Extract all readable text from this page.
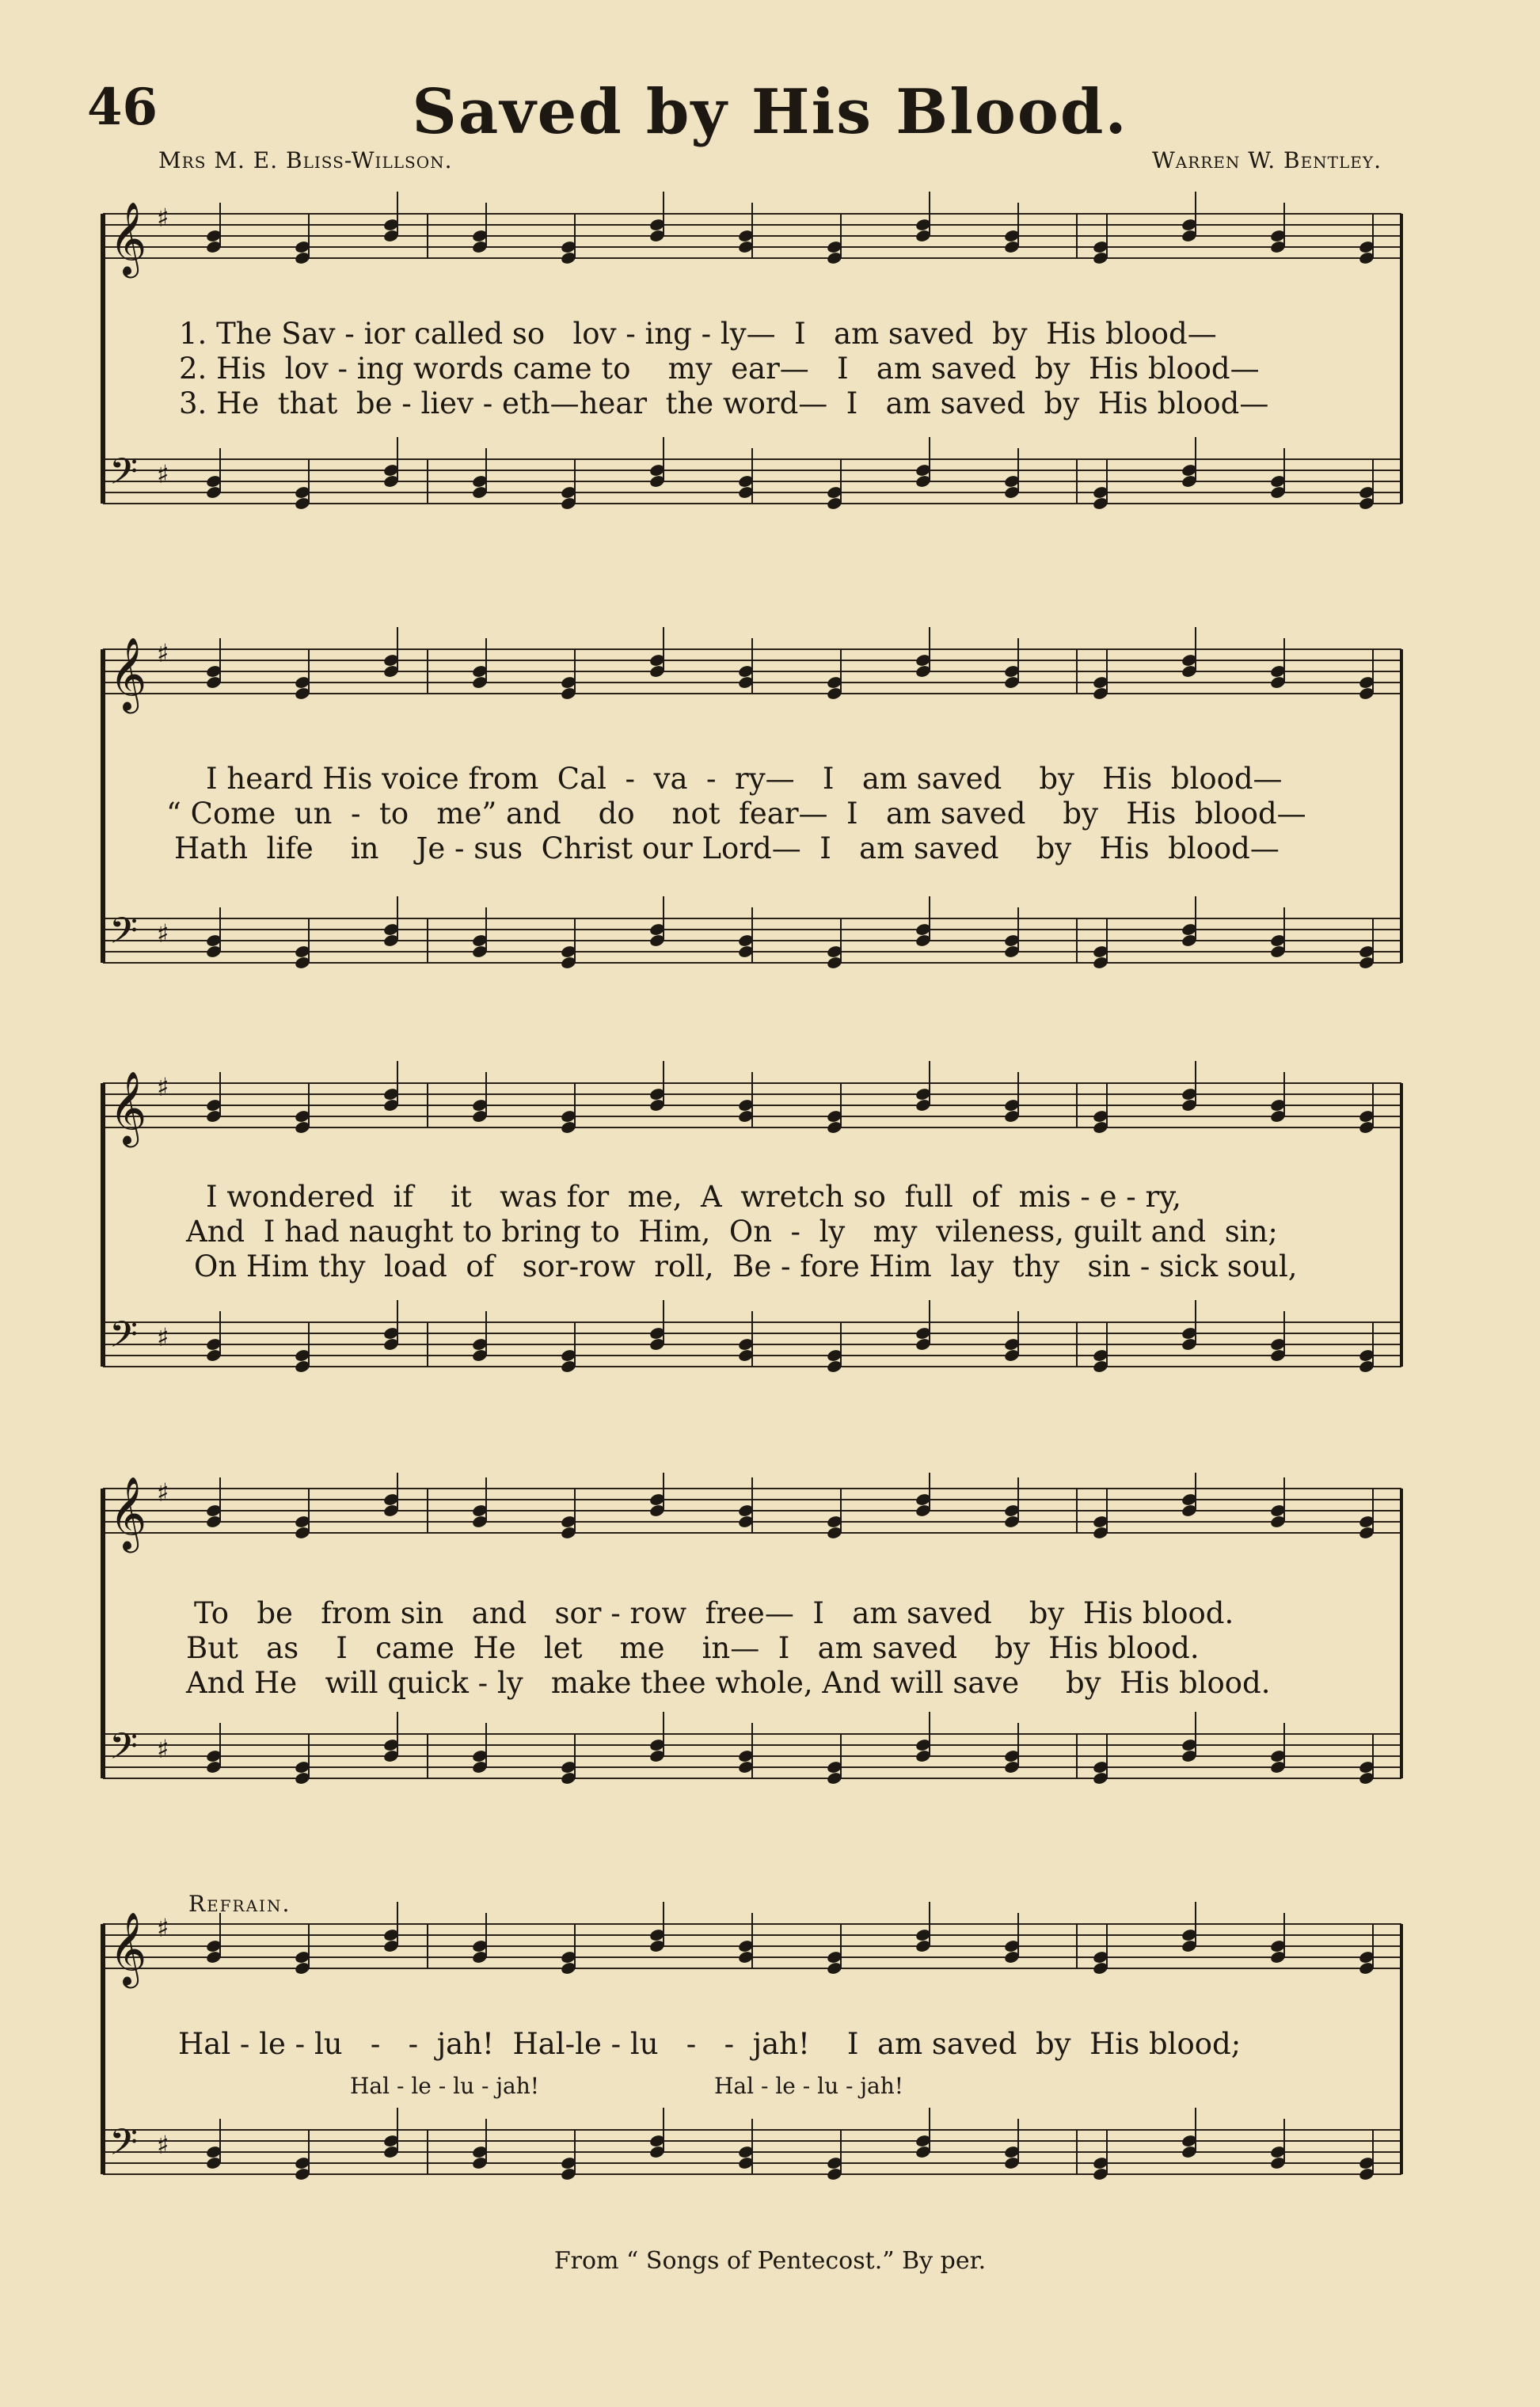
46	Saved by His Blood.
Mrs M. E. Bliss-Willson.	Warren W. Bentley.
𝄞 ♯
𝄢 ♯
1. The Sav - ior called so   lov - ing - ly—  I   am saved  by  His blood—
2. His  lov - ing words came to    my  ear—   I   am saved  by  His blood—
3. He  that  be - liev - eth—hear  the word—  I   am saved  by  His blood—
𝄞 ♯
𝄢 ♯
I heard His voice from  Cal  -  va  -  ry—   I   am saved    by   His  blood—
“ Come  un  -  to   me” and    do    not  fear—  I   am saved    by   His  blood—
Hath  life    in    Je - sus  Christ our Lord—  I   am saved    by   His  blood—
𝄞 ♯
𝄢 ♯
I wondered  if    it   was for  me,  A  wretch so  full  of  mis - e - ry,
And  I had naught to bring to  Him,  On  -  ly   my  vileness, guilt and  sin;
On Him thy  load  of   sor-row  roll,  Be - fore Him  lay  thy   sin - sick soul,
𝄞 ♯
𝄢 ♯
To   be   from sin   and   sor - row  free—  I   am saved    by  His blood.
But   as    I   came  He   let    me    in—  I   am saved    by  His blood.
And He   will quick - ly   make thee whole, And will save     by  His blood.
Refrain.
𝄞 ♯
𝄢 ♯
Hal - le - lu   -   -  jah!  Hal-le - lu   -   -  jah!    I  am saved  by  His blood;
Hal - le - lu - jah!	Hal - le - lu - jah!
From “ Songs of Pentecost.” By per.
